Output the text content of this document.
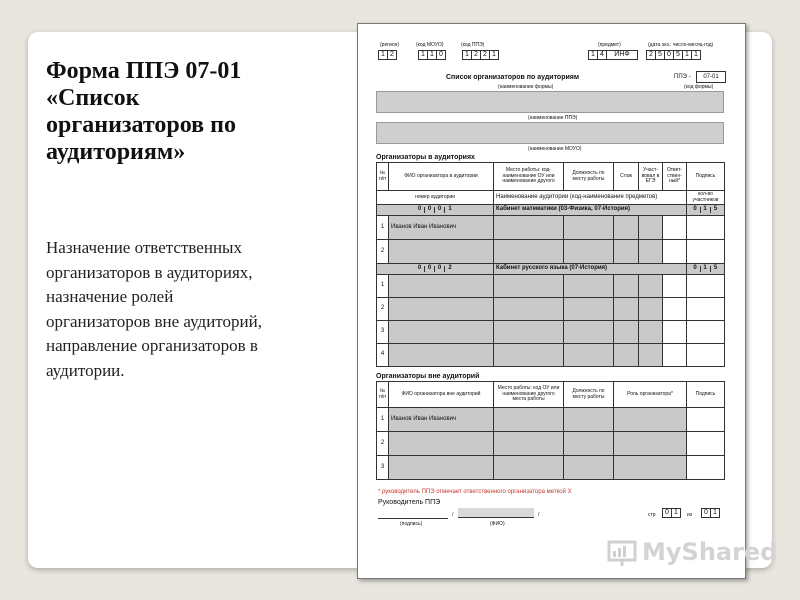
Форма ППЭ 07-01
«Список
организаторов по
аудиториям»
Назначение ответственных
организаторов в аудиториях,
назначение ролей
организаторов вне аудиторий,
направление организаторов в
аудитории.
(регион)	(код МОУО)	(код ППЭ)	(предмет)	(дата экз.: число-месяц-год)
1 2	1 1 0	1 2 2 1	1 4	ИНФ	2 5 0 5 1 1
Список организаторов по аудиториям	ППЭ -	07-01
(наименование формы)	(код формы)
(наименование ППЭ)
(наименование МОУО)
Организаторы в аудиториях
№ п/п	ФИО организатора в аудитории	Место работы: код-наименование ОУ или наименование другого	Должность по месту работы	Стаж	Участ-вовал в ЕГЭ	Ответ-ствен-ный*	Подпись
номер аудитории		Наименование аудитории (код-наименование предметов)					кол-во участников
0 0 0 1		Кабинет математики (03-Физика, 07-История)					0 1 5
1	Иванов Иван Иванович						
2							
0 0 0 2		Кабинет русского языка (07-История)					0 1 5
1							
2							
3							
4							
Организаторы вне аудиторий
№ п/п	ФИО организатора вне аудиторий	Место работы: код ОУ или наименование другого места работы	Должность по месту работы	Роль организатора*	Подпись
1	Иванов Иван Иванович				
2					
3					
* руководитель ППЭ отмечает ответственного организатора меткой Х
Руководитель ППЭ
/	/
(подпись)	(ФИО)
стр	0 1	из	0 1
MyShared
